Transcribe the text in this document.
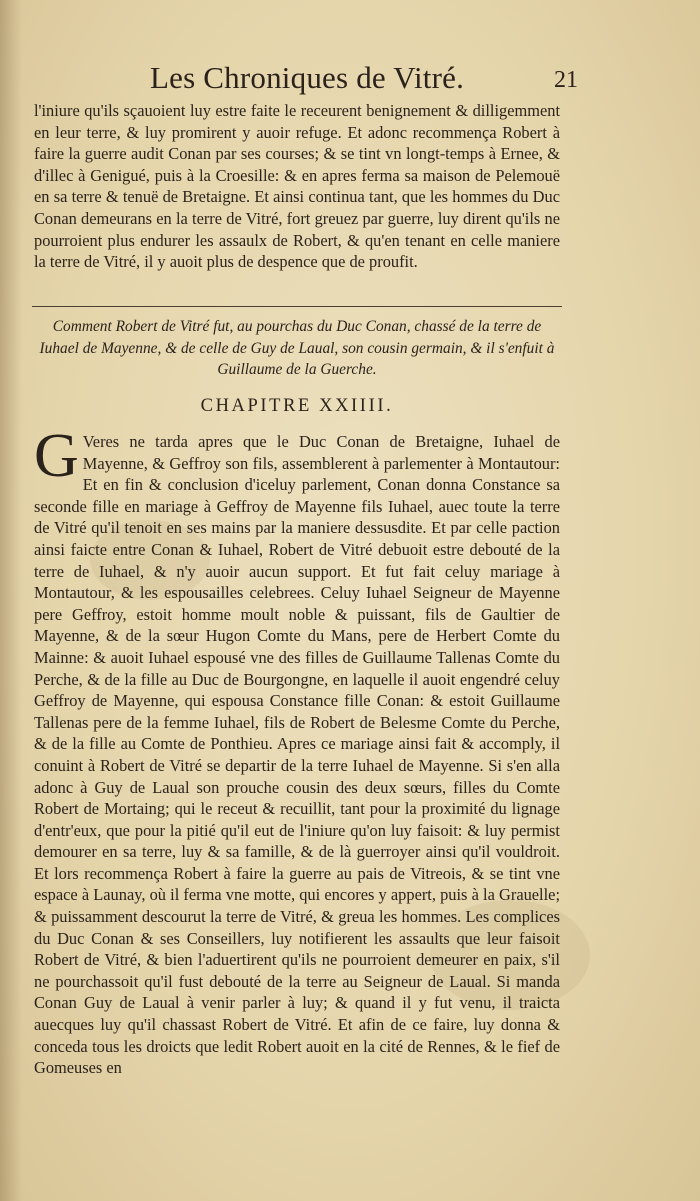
Les Chroniques de Vitré.	21
l'iniure qu'ils sçauoient luy estre faite le receurent benignement & dilligemment en leur terre, & luy promirent y auoir refuge. Et adonc recommença Robert à faire la guerre audit Conan par ses courses; & se tint vn longt-temps à Ernee, & d'illec à Genigué, puis à la Croesille: & en apres ferma sa maison de Pelemouë en sa terre & tenuë de Bretaigne. Et ainsi continua tant, que les hommes du Duc Conan demeurans en la terre de Vitré, fort greuez par guerre, luy dirent qu'ils ne pourroient plus endurer les assaulx de Robert, & qu'en tenant en celle maniere la terre de Vitré, il y auoit plus de despence que de proufit.
Comment Robert de Vitré fut, au pourchas du Duc Conan, chassé de la terre de Iuhael de Mayenne, & de celle de Guy de Laual, son cousin germain, & il s'enfuit à Guillaume de la Guerche.
CHAPITRE XXIIII.
G Veres ne tarda apres que le Duc Conan de Bretaigne, Iuhael de Mayenne, & Geffroy son fils, assemblerent à parlementer à Montautour: Et en fin & conclusion d'iceluy parlement, Conan donna Constance sa seconde fille en mariage à Geffroy de Mayenne fils Iuhael, auec toute la terre de Vitré qu'il tenoit en ses mains par la maniere dessusdite. Et par celle paction ainsi faicte entre Conan & Iuhael, Robert de Vitré debuoit estre debouté de la terre de Iuhael, & n'y auoir aucun support. Et fut fait celuy mariage à Montautour, & les espousailles celebrees. Celuy Iuhael Seigneur de Mayenne pere Geffroy, estoit homme moult noble & puissant, fils de Gaultier de Mayenne, & de la sœur Hugon Comte du Mans, pere de Herbert Comte du Mainne: & auoit Iuhael espousé vne des filles de Guillaume Tallenas Comte du Perche, & de la fille au Duc de Bourgongne, en laquelle il auoit engendré celuy Geffroy de Mayenne, qui espousa Constance fille Conan: & estoit Guillaume Tallenas pere de la femme Iuhael, fils de Robert de Belesme Comte du Perche, & de la fille au Comte de Ponthieu. Apres ce mariage ainsi fait & accomply, il conuint à Robert de Vitré se departir de la terre Iuhael de Mayenne. Si s'en alla adonc à Guy de Laual son prouche cousin des deux sœurs, filles du Comte Robert de Mortaing; qui le receut & recuillit, tant pour la proximité du lignage d'entr'eux, que pour la pitié qu'il eut de l'iniure qu'on luy faisoit: & luy permist demourer en sa terre, luy & sa famille, & de là guerroyer ainsi qu'il vouldroit. Et lors recommença Robert à faire la guerre au pais de Vitreois, & se tint vne espace à Launay, où il ferma vne motte, qui encores y appert, puis à la Grauelle; & puissamment descourut la terre de Vitré, & greua les hommes. Les complices du Duc Conan & ses Conseillers, luy notifierent les assaults que leur faisoit Robert de Vitré, & bien l'aduertirent qu'ils ne pourroient demeurer en paix, s'il ne pourchassoit qu'il fust debouté de la terre au Seigneur de Laual. Si manda Conan Guy de Laual à venir parler à luy; & quand il y fut venu, il traicta auecques luy qu'il chassast Robert de Vitré. Et afin de ce faire, luy donna & conceda tous les droicts que ledit Robert auoit en la cité de Rennes, & le fief de Gomeuses en
